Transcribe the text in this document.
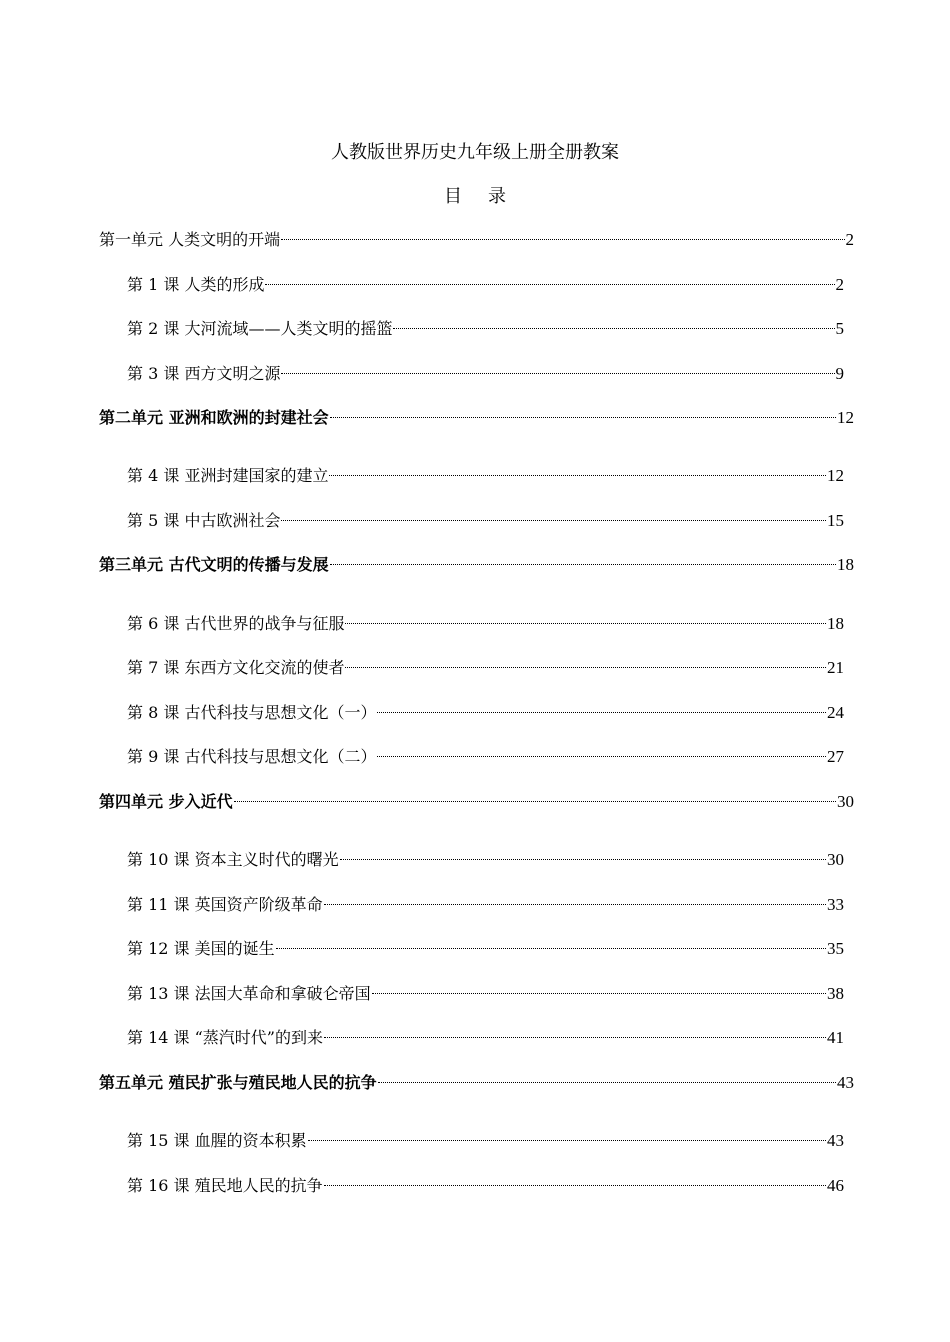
人教版世界历史九年级上册全册教案
目 录
第一单元 人类文明的开端	2
第 1 课 人类的形成	2
第 2 课 大河流域——人类文明的摇篮	5
第 3 课 西方文明之源	9
第二单元 亚洲和欧洲的封建社会	12
第 4 课 亚洲封建国家的建立	12
第 5 课 中古欧洲社会	15
第三单元 古代文明的传播与发展	18
第 6 课 古代世界的战争与征服	18
第 7 课 东西方文化交流的使者	21
第 8 课 古代科技与思想文化（一）	24
第 9 课 古代科技与思想文化（二）	27
第四单元 步入近代	30
第 10 课 资本主义时代的曙光	30
第 11 课 英国资产阶级革命	33
第 12 课 美国的诞生	35
第 13 课 法国大革命和拿破仑帝国	38
第 14 课 “蒸汽时代”的到来	41
第五单元 殖民扩张与殖民地人民的抗争	43
第 15 课 血腥的资本积累	43
第 16 课 殖民地人民的抗争	46
